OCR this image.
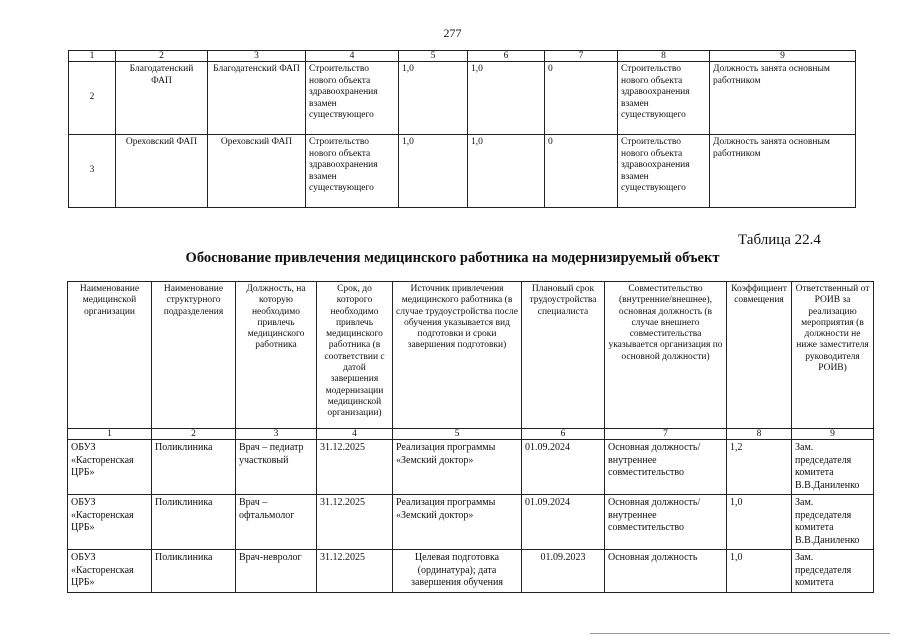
277
1	2	3	4	5	6	7	8	9
2	Благодатенский ФАП	Благодатенский ФАП	Строительство нового объекта здравоохранения взамен существующего	1,0	1,0	0	Строительство нового объекта здравоохранения взамен существующего	Должность занята основным работником
3	Ореховский ФАП	Ореховский ФАП	Строительство нового объекта здравоохранения взамен существующего	1,0	1,0	0	Строительство нового объекта здравоохранения взамен существующего	Должность занята основным работником
Таблица 22.4
Обоснование привлечения медицинского работника на модернизируемый объект
Наименование медицинской организации	Наименование структурного подразделения	Должность, на которую необходимо привлечь медицинского работника	Срок, до которого необходимо привлечь медицинского работника (в соответствии с датой завершения модернизации медицинской организации)	Источник привлечения медицинского работника (в случае трудоустройства после обучения указывается вид подготовки и сроки завершения подготовки)	Плановый срок трудоустройства специалиста	Совместительство (внутренние/внешнее), основная должность (в случае внешнего совместительства указывается организация по основной должности)	Коэффициент совмещения	Ответственный от РОИВ за реализацию мероприятия (в должности не ниже заместителя руководителя РОИВ)
1	2	3	4	5	6	7	8	9
ОБУЗ «Касторенская ЦРБ»	Поликлиника	Врач – педиатр участковый	31.12.2025	Реализация программы «Земский доктор»	01.09.2024	Основная должность/внутреннее совместительство	1,2	Зам. председателя комитета В.В.Даниленко
ОБУЗ «Касторенская ЦРБ»	Поликлиника	Врач – офтальмолог	31.12.2025	Реализация программы «Земский доктор»	01.09.2024	Основная должность/внутреннее совместительство	1,0	Зам. председателя комитета В.В.Даниленко
ОБУЗ «Касторенская ЦРБ»	Поликлиника	Врач-невролог	31.12.2025	Целевая подготовка (ординатура); дата завершения обучения	01.09.2023	Основная должность	1,0	Зам. председателя комитета
